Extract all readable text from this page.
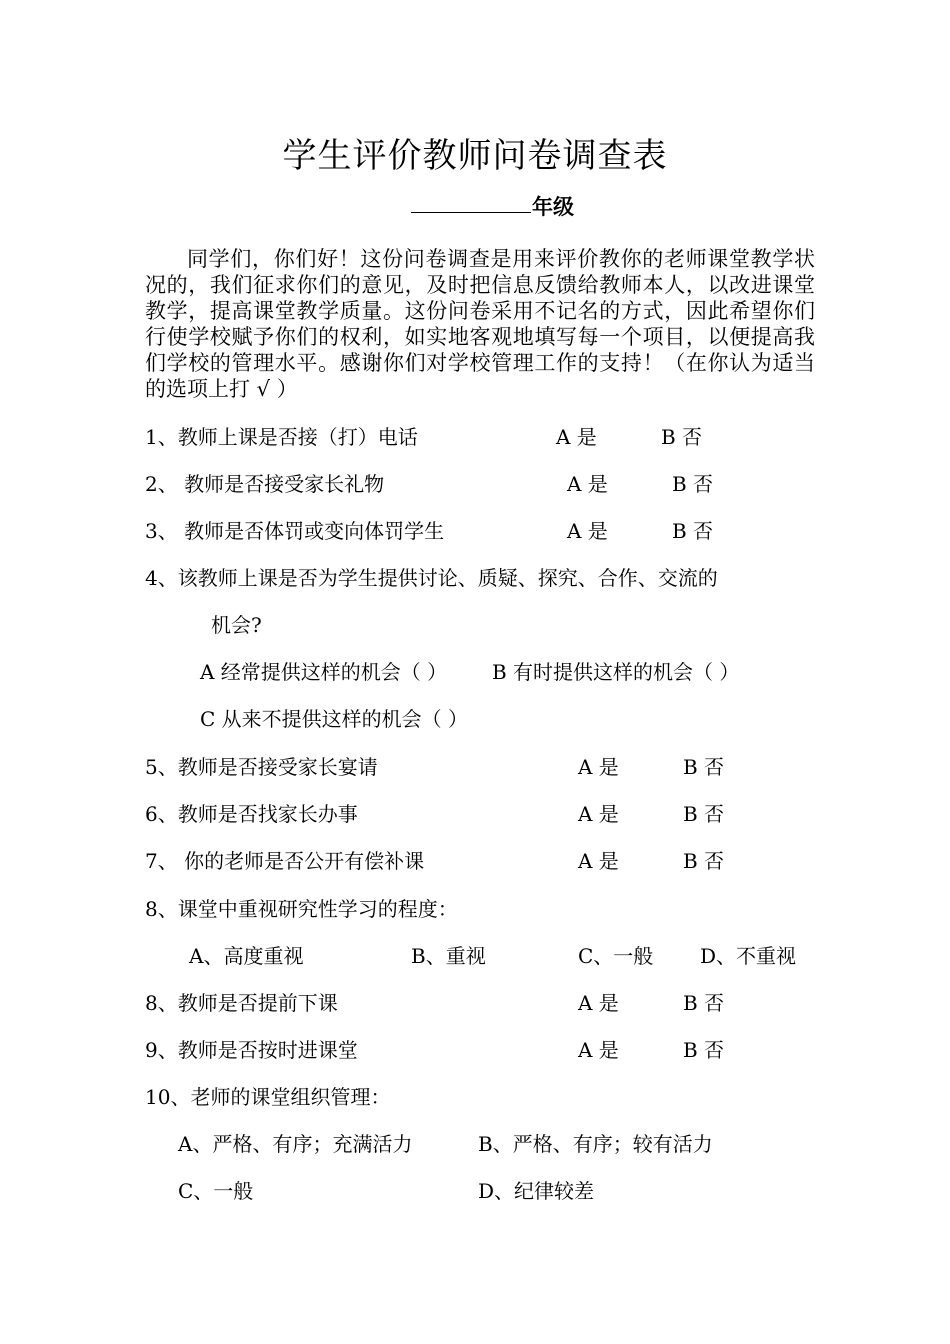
学生评价教师问卷调查表
年级

同学们，你们好！这份问卷调查是用来评价教你的老师课堂教学状况的，我们征求你们的意见，及时把信息反馈给教师本人，以改进课堂教学，提高课堂教学质量。这份问卷采用不记名的方式，因此希望你们行使学校赋予你们的权利，如实地客观地填写每一个项目，以便提高我们学校的管理水平。感谢你们对学校管理工作的支持！（在你认为适当的选项上打 √ ）

1、教师上课是否接（打）电话	A 是	B 否
2、 教师是否接受家长礼物	A 是	B 否
3、 教师是否体罚或变向体罚学生	A 是	B 否
4、该教师上课是否为学生提供讨论、质疑、探究、合作、交流的
机会?
A 经常提供这样的机会（ ） B 有时提供这样的机会（ ）
C 从来不提供这样的机会（ ）
5、教师是否接受家长宴请	A 是	B 否
6、教师是否找家长办事	A 是	B 否
7、 你的老师是否公开有偿补课	A 是	B 否
8、课堂中重视研究性学习的程度：
A、高度重视	B、重视	C、一般 D、不重视
8、教师是否提前下课	A 是	B 否
9、教师是否按时进课堂	A 是	B 否
10、老师的课堂组织管理：
A、严格、有序；充满活力	B、严格、有序；较有活力
C、一般	D、纪律较差
